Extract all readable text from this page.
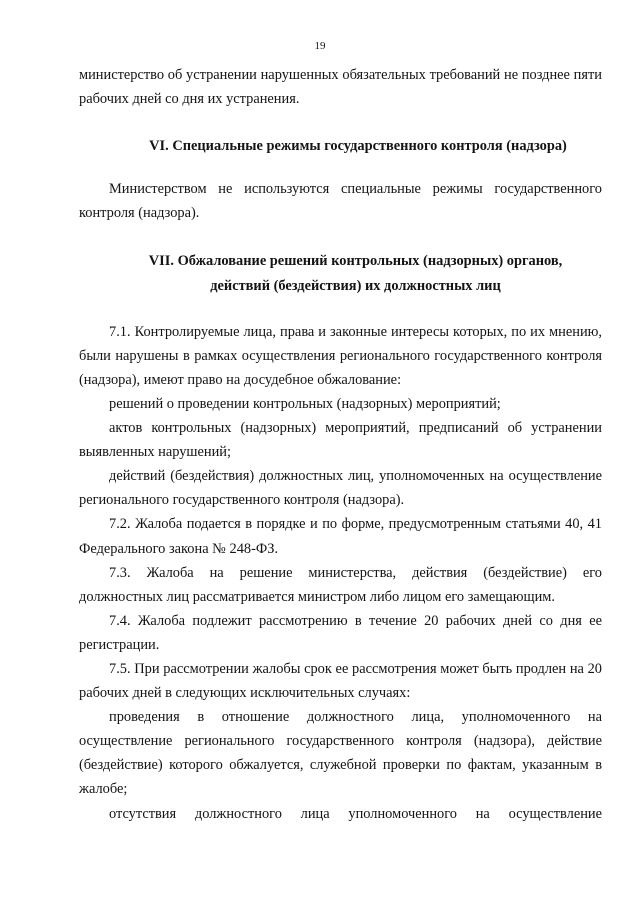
19

министерство об устранении нарушенных обязательных требований не позднее пяти рабочих дней со дня их устранения.

VI. Специальные режимы государственного контроля (надзора)

Министерством не используются специальные режимы государственного контроля (надзора).

VII. Обжалование решений контрольных (надзорных) органов,
действий (бездействия) их должностных лиц

7.1. Контролируемые лица, права и законные интересы которых, по их мнению, были нарушены в рамках осуществления регионального государственного контроля (надзора), имеют право на досудебное обжалование:

решений о проведении контрольных (надзорных) мероприятий;

актов контрольных (надзорных) мероприятий, предписаний об устранении выявленных нарушений;

действий (бездействия) должностных лиц, уполномоченных на осуществление регионального государственного контроля (надзора).

7.2. Жалоба подается в порядке и по форме, предусмотренным статьями 40, 41 Федерального закона № 248-ФЗ.

7.3. Жалоба на решение министерства, действия (бездействие) его должностных лиц рассматривается министром либо лицом его замещающим.

7.4. Жалоба подлежит рассмотрению в течение 20 рабочих дней со дня ее регистрации.

7.5. При рассмотрении жалобы срок ее рассмотрения может быть продлен на 20 рабочих дней в следующих исключительных случаях:

проведения в отношение должностного лица, уполномоченного на осуществление регионального государственного контроля (надзора), действие (бездействие) которого обжалуется, служебной проверки по фактам, указанным в жалобе;

отсутствия должностного лица уполномоченного на осуществление
